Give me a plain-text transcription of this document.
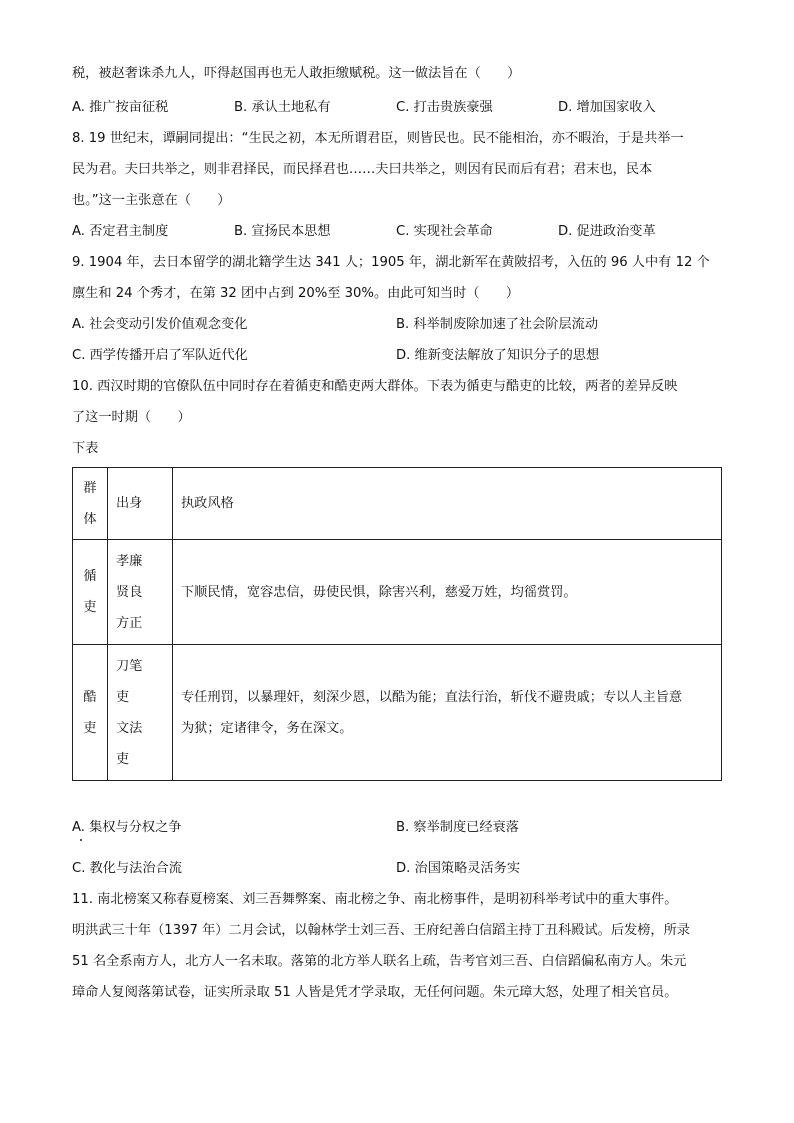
税，被赵奢诛杀九人，吓得赵国再也无人敢拒缴赋税。这一做法旨在（　　）
A. 推广按亩征税	B. 承认土地私有	C. 打击贵族豪强	D. 增加国家收入
8. 19 世纪末，谭嗣同提出：“生民之初，本无所谓君臣，则皆民也。民不能相治，亦不暇治，于是共举一
民为君。夫曰共举之，则非君择民，而民择君也……夫曰共举之，则因有民而后有君；君末也，民本
也。”这一主张意在（　　）
A. 否定君主制度	B. 宣扬民本思想	C. 实现社会革命	D. 促进政治变革
9. 1904 年，去日本留学的湖北籍学生达 341 人；1905 年，湖北新军在黄陂招考，入伍的 96 人中有 12 个
廪生和 24 个秀才，在第 32 团中占到 20%至 30%。由此可知当时（　　）
A. 社会变动引发价值观念变化	B. 科举制废除加速了社会阶层流动
C. 西学传播开启了军队近代化	D. 维新变法解放了知识分子的思想
10. 西汉时期的官僚队伍中同时存在着循吏和酷吏两大群体。下表为循吏与酷吏的比较，两者的差异反映
了这一时期（　　）
下表
群
体	出身	执政风格

循
吏	孝廉
贤良
方正	下顺民情，宽容忠信，毋使民惧，除害兴利，慈爱万姓，均徭赏罚。

酷
吏	刀笔
吏
文法
吏	专任刑罚，以暴理奸，刻深少恩，以酷为能；直法行治，斩伐不避贵戚；专以人主旨意
为狱；定诸律令，务在深文。
A. 集权与分权之争	B. 察举制度已经衰落
C. 教化与法治合流	D. 治国策略灵活务实
11. 南北榜案又称春夏榜案、刘三吾舞弊案、南北榜之争、南北榜事件，是明初科举考试中的重大事件。
明洪武三十年（1397 年）二月会试，以翰林学士刘三吾、王府纪善白信蹈主持丁丑科殿试。后发榜，所录
51 名全系南方人，北方人一名未取。落第的北方举人联名上疏，告考官刘三吾、白信蹈偏私南方人。朱元
璋命人复阅落第试卷，证实所录取 51 人皆是凭才学录取，无任何问题。朱元璋大怒，处理了相关官员。
